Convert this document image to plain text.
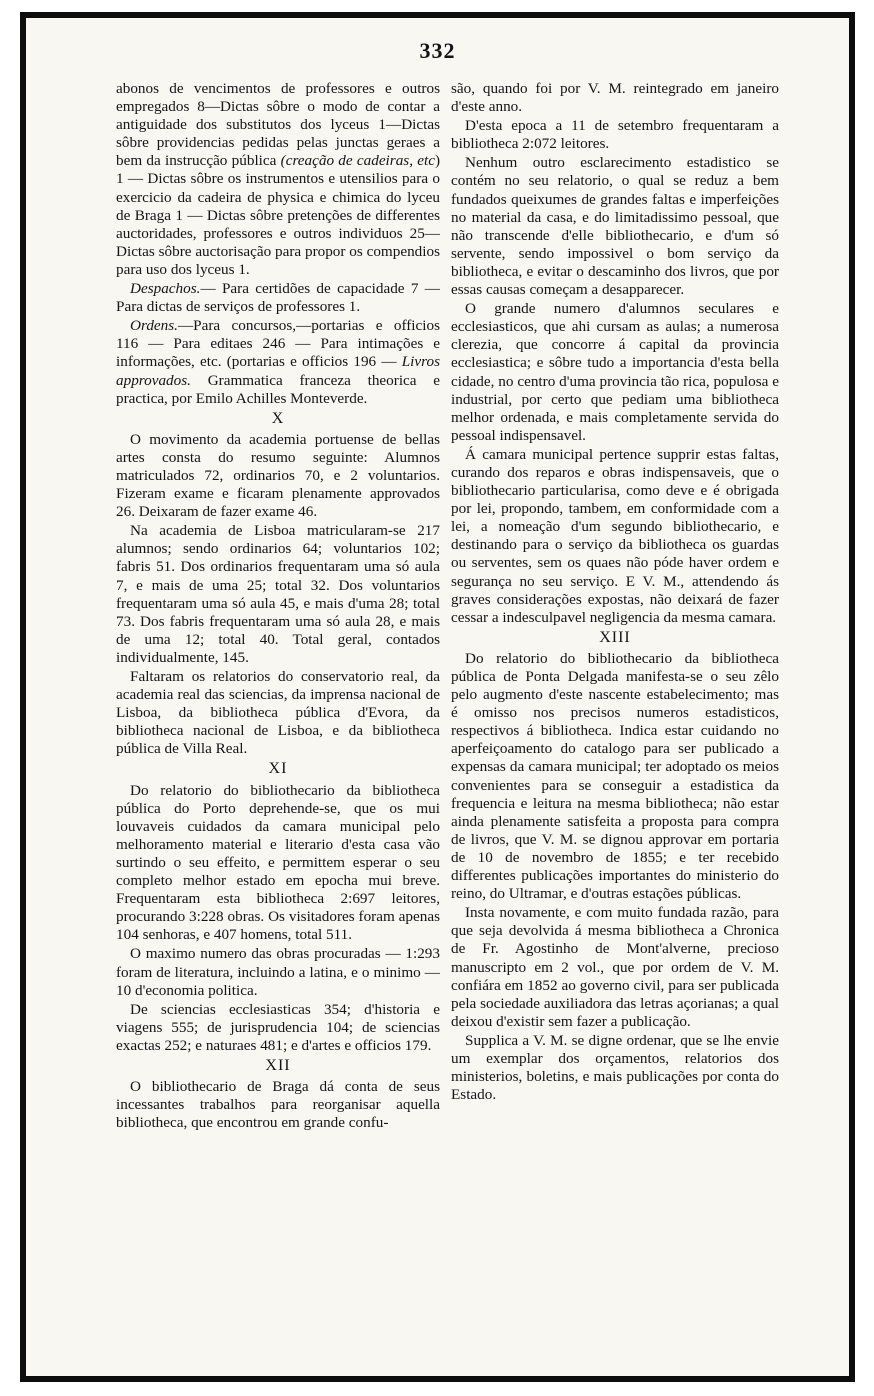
332

abonos de vencimentos de professores e outros empregados 8—Dictas sôbre o modo de contar a antiguidade dos substitutos dos lyceus 1—Dictas sôbre providencias pedidas pelas junctas geraes a bem da instrucção pública (creação de cadeiras, etc) 1 — Dictas sôbre os instrumentos e utensilios para o exercicio da cadeira de physica e chimica do lyceu de Braga 1 — Dictas sôbre pretenções de differentes auctoridades, professores e outros individuos 25— Dictas sôbre auctorisação para propor os compendios para uso dos lyceus 1.

Despachos.— Para certidões de capacidade 7 — Para dictas de serviços de professores 1.

Ordens.—Para concursos,—portarias e officios 116 — Para editaes 246 — Para intimações e informações, etc. (portarias e officios 196 — Livros approvados. Grammatica franceza theorica e practica, por Emilo Achilles Monteverde.

X

O movimento da academia portuense de bellas artes consta do resumo seguinte: Alumnos matriculados 72, ordinarios 70, e 2 voluntarios. Fizeram exame e ficaram plenamente approvados 26. Deixaram de fazer exame 46.

Na academia de Lisboa matricularam-se 217 alumnos; sendo ordinarios 64; voluntarios 102; fabris 51. Dos ordinarios frequentaram uma só aula 7, e mais de uma 25; total 32. Dos voluntarios frequentaram uma só aula 45, e mais d'uma 28; total 73. Dos fabris frequentaram uma só aula 28, e mais de uma 12; total 40. Total geral, contados individualmente, 145.

Faltaram os relatorios do conservatorio real, da academia real das sciencias, da imprensa nacional de Lisboa, da bibliotheca pública d'Evora, da bibliotheca nacional de Lisboa, e da bibliotheca pública de Villa Real.

XI

Do relatorio do bibliothecario da bibliotheca pública do Porto deprehende-se, que os mui louvaveis cuidados da camara municipal pelo melhoramento material e literario d'esta casa vão surtindo o seu effeito, e permittem esperar o seu completo melhor estado em epocha mui breve. Frequentaram esta bibliotheca 2:697 leitores, procurando 3:228 obras. Os visitadores foram apenas 104 senhoras, e 407 homens, total 511.

O maximo numero das obras procuradas — 1:293 foram de literatura, incluindo a latina, e o minimo — 10 d'economia politica.

De sciencias ecclesiasticas 354; d'historia e viagens 555; de jurisprudencia 104; de sciencias exactas 252; e naturaes 481; e d'artes e officios 179.

XII

O bibliothecario de Braga dá conta de seus incessantes trabalhos para reorganisar aquella bibliotheca, que encontrou em grande confu-

são, quando foi por V. M. reintegrado em janeiro d'este anno.

D'esta epoca a 11 de setembro frequentaram a bibliotheca 2:072 leitores.

Nenhum outro esclarecimento estadistico se contém no seu relatorio, o qual se reduz a bem fundados queixumes de grandes faltas e imperfeições no material da casa, e do limitadissimo pessoal, que não transcende d'elle bibliothecario, e d'um só servente, sendo impossivel o bom serviço da bibliotheca, e evitar o descaminho dos livros, que por essas causas começam a desapparecer.

O grande numero d'alumnos seculares e ecclesiasticos, que ahi cursam as aulas; a numerosa clerezia, que concorre á capital da provincia ecclesiastica; e sôbre tudo a importancia d'esta bella cidade, no centro d'uma provincia tão rica, populosa e industrial, por certo que pediam uma bibliotheca melhor ordenada, e mais completamente servida do pessoal indispensavel.

Á camara municipal pertence supprir estas faltas, curando dos reparos e obras indispensaveis, que o bibliothecario particularisa, como deve e é obrigada por lei, propondo, tambem, em conformidade com a lei, a nomeação d'um segundo bibliothecario, e destinando para o serviço da bibliotheca os guardas ou serventes, sem os quaes não póde haver ordem e segurança no seu serviço. E V. M., attendendo ás graves considerações expostas, não deixará de fazer cessar a indesculpavel negligencia da mesma camara.

XIII

Do relatorio do bibliothecario da bibliotheca pública de Ponta Delgada manifesta-se o seu zêlo pelo augmento d'este nascente estabelecimento; mas é omisso nos precisos numeros estadisticos, respectivos á bibliotheca. Indica estar cuidando no aperfeiçoamento do catalogo para ser publicado a expensas da camara municipal; ter adoptado os meios convenientes para se conseguir a estadistica da frequencia e leitura na mesma bibliotheca; não estar ainda plenamente satisfeita a proposta para compra de livros, que V. M. se dignou approvar em portaria de 10 de novembro de 1855; e ter recebido differentes publicações importantes do ministerio do reino, do Ultramar, e d'outras estações públicas.

Insta novamente, e com muito fundada razão, para que seja devolvida á mesma bibliotheca a Chronica de Fr. Agostinho de Mont'alverne, precioso manuscripto em 2 vol., que por ordem de V. M. confiára em 1852 ao governo civil, para ser publicada pela sociedade auxiliadora das letras açorianas; a qual deixou d'existir sem fazer a publicação.

Supplica a V. M. se digne ordenar, que se lhe envie um exemplar dos orçamentos, relatorios dos ministerios, boletins, e mais publicações por conta do Estado.
